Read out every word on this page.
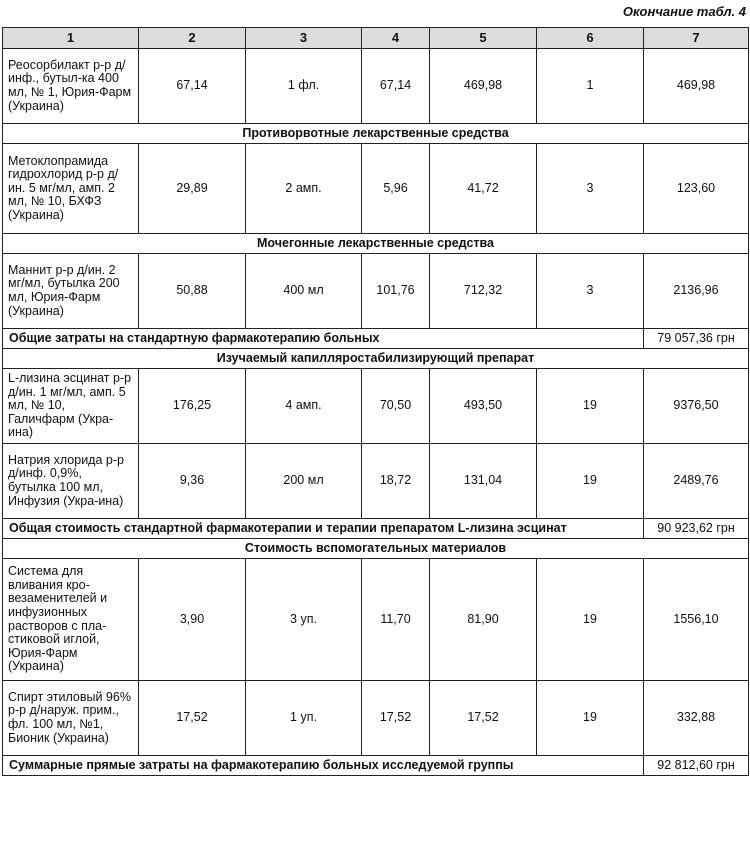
Окончание табл. 4
1	2	3	4	5	6	7
Реосорбилакт р-р д/инф., бутыл-ка 400 мл, № 1, Юрия-Фарм (Украина)	67,14	1 фл.	67,14	469,98	1	469,98
Противорвотные лекарственные средства						
Метоклопрамида гидрохлорид р-р д/ин. 5 мг/мл, амп. 2 мл, № 10, БХФЗ (Украина)	29,89	2 амп.	5,96	41,72	3	123,60
Мочегонные лекарственные средства						
Маннит р-р д/ин. 2 мг/мл, бутылка 200 мл, Юрия-Фарм (Украина)	50,88	400 мл	101,76	712,32	3	2136,96
Общие затраты на стандартную фармакотерапию больных						79 057,36 грн
Изучаемый капилляростабилизирующий препарат						
L-лизина эсцинат р-р д/ин. 1 мг/мл, амп. 5 мл, № 10, Галичфарм (Укра-ина)	176,25	4 амп.	70,50	493,50	19	9376,50
Натрия хлорида р-р д/инф. 0,9%, бутылка 100 мл, Инфузия (Укра-ина)	9,36	200 мл	18,72	131,04	19	2489,76
Общая стоимость стандартной фармакотерапии и терапии препаратом L-лизина эсцинат						90 923,62 грн
Стоимость вспомогательных материалов						
Система для вливания кро-везаменителей и инфузионных растворов с пла-стиковой иглой, Юрия-Фарм (Украина)	3,90	3 уп.	11,70	81,90	19	1556,10
Спирт этиловый 96% р-р д/наруж. прим., фл. 100 мл, №1, Бионик (Украина)	17,52	1 уп.	17,52	17,52	19	332,88
Суммарные прямые затраты на фармакотерапию больных исследуемой группы						92 812,60 грн
